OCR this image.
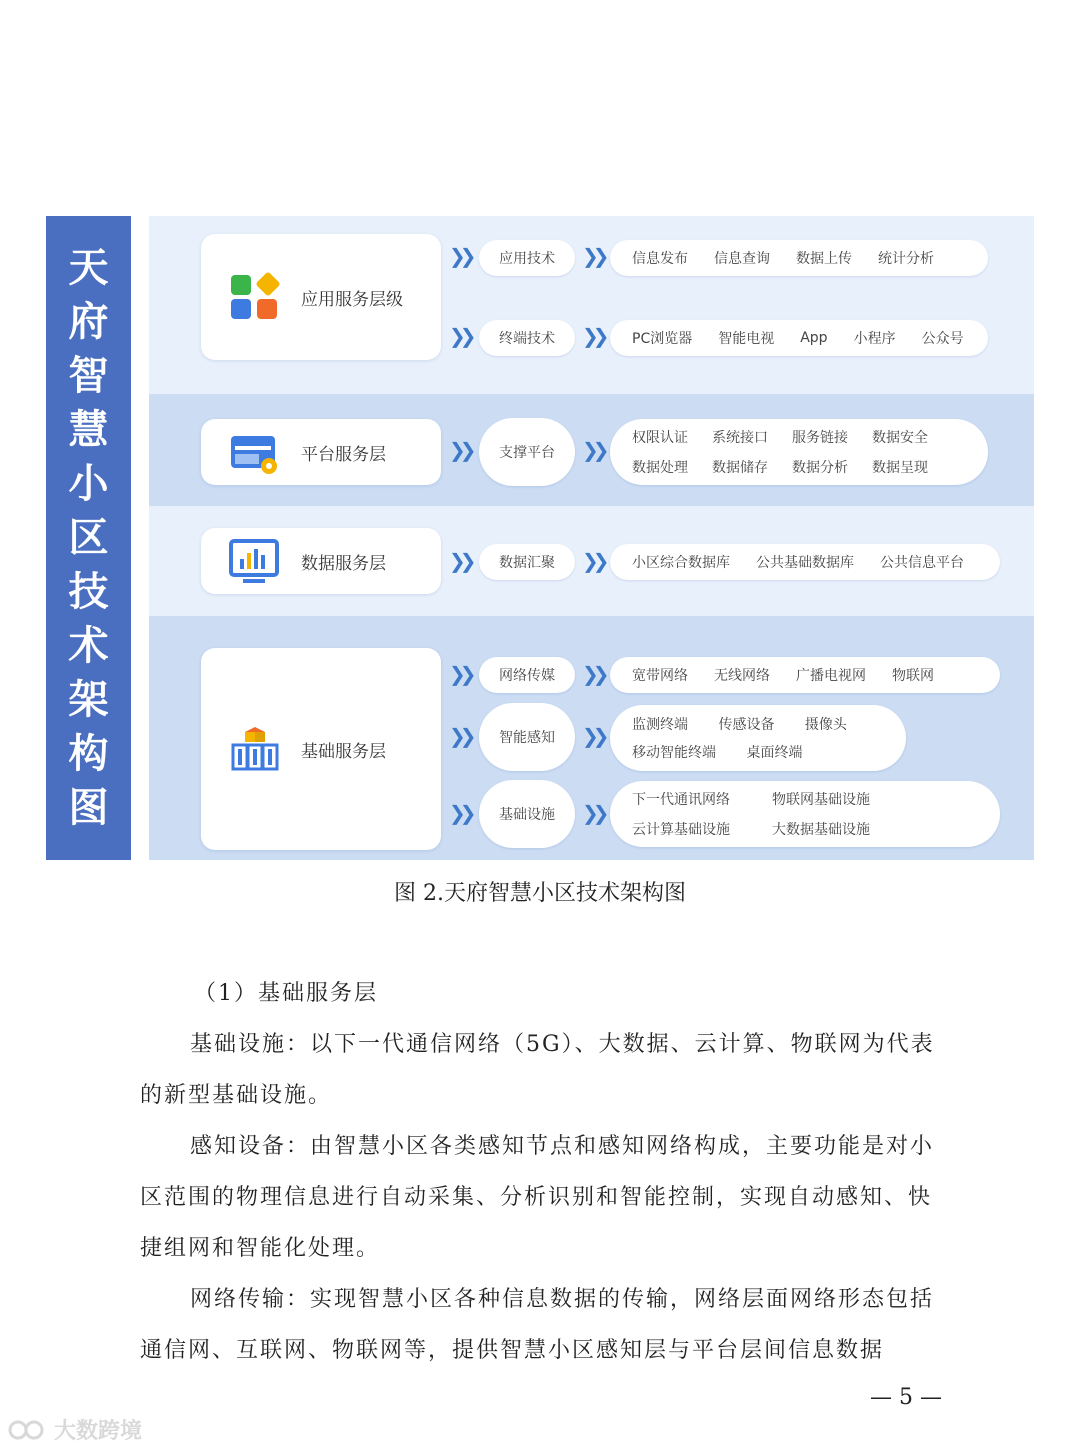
天
府
智
慧
小
区
技
术
架
构
图
应用服务层级
❯❯	应用技术	❯❯ 信息发布 信息查询 数据上传 统计分析
❯❯	终端技术	❯❯ PC浏览器 智能电视 App 小程序 公众号
平台服务层	❯❯	支撑平台	❯❯ 权限认证 系统接口 服务链接 数据安全
数据处理 数据储存 数据分析 数据呈现
数据服务层	❯❯	数据汇聚	❯❯ 小区综合数据库 公共基础数据库 公共信息平台
基础服务层
❯❯	网络传媒	❯❯ 宽带网络 无线网络 广播电视网 物联网
❯❯	智能感知	❯❯ 监测终端 传感设备 摄像头
移动智能终端 桌面终端
❯❯	基础设施	❯❯
下一代通讯网络	物联网基础设施
云计算基础设施	大数据基础设施
图 2.天府智慧小区技术架构图

（1）基础服务层

基础设施：以下一代通信网络（5G）、大数据、云计算、物联网为代表的新型基础设施。

感知设备：由智慧小区各类感知节点和感知网络构成，主要功能是对小区范围的物理信息进行自动采集、分析识别和智能控制，实现自动感知、快捷组网和智能化处理。

网络传输：实现智慧小区各种信息数据的传输，网络层面网络形态包括通信网、互联网、物联网等，提供智慧小区感知层与平台层间信息数据

— 5 —
大数跨境
